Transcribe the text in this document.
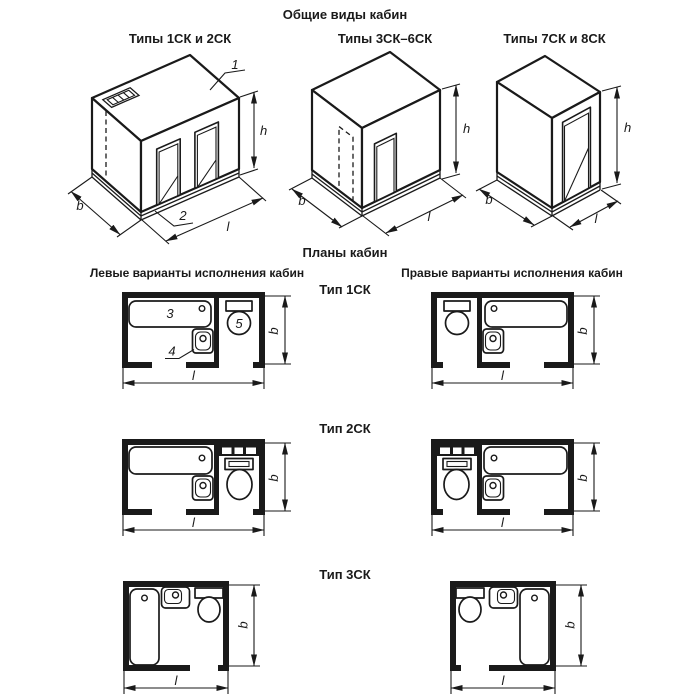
Общие виды кабин
Типы 1СК и 2СК	Типы 3СК–6СК	Типы 7СК и 8СК
Планы кабин
Левые варианты исполнения кабин	Правые варианты исполнения кабин
Тип 1СК
Тип 2СК
Тип 3СК
1
2
h
b
l
h
b
l
h
b
l
3
4
5 b
l
b
l
b
l
b
l
b
l
b
l
